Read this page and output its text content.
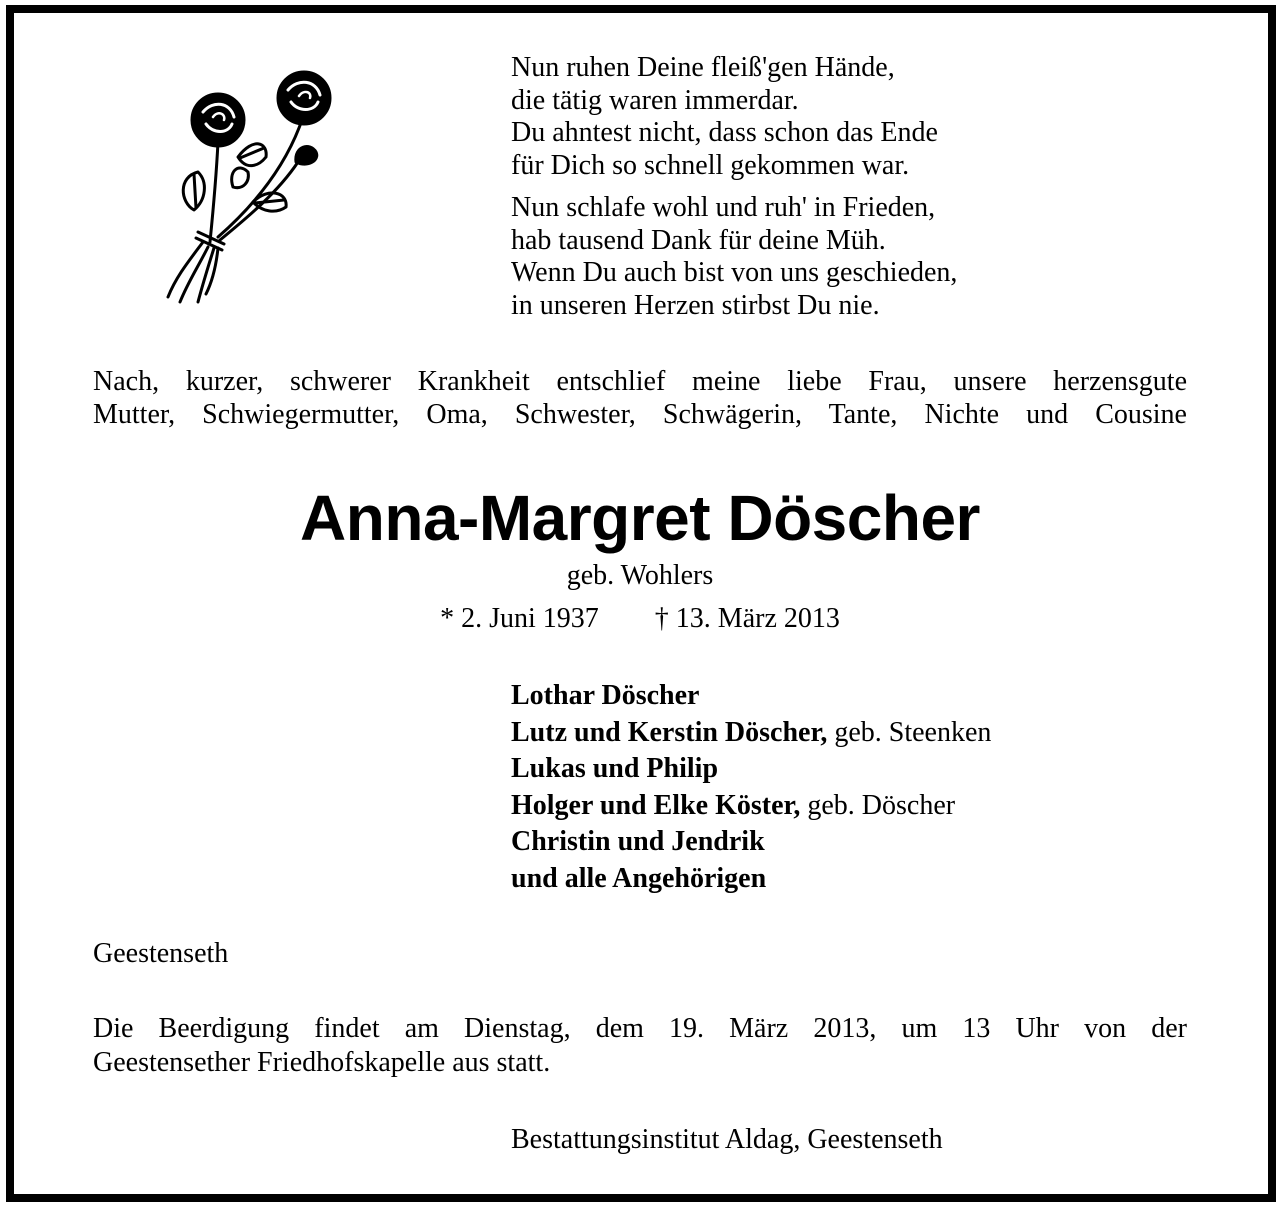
Nun ruhen Deine fleiß'gen Hände,
die tätig waren immerdar.
Du ahntest nicht, dass schon das Ende
für Dich so schnell gekommen war.

Nun schlafe wohl und ruh' in Frieden,
hab tausend Dank für deine Müh.
Wenn Du auch bist von uns geschieden,
in unseren Herzen stirbst Du nie.

Nach, kurzer, schwerer Krankheit entschlief meine liebe Frau, unsere herzensgute
Mutter, Schwiegermutter, Oma, Schwester, Schwägerin, Tante, Nichte und Cousine
Anna-Margret Döscher
geb. Wohlers
* 2. Juni 1937 † 13. März 2013
Lothar Döscher
Lutz und Kerstin Döscher, geb. Steenken
Lukas und Philip
Holger und Elke Köster, geb. Döscher
Christin und Jendrik
und alle Angehörigen
Geestenseth
Die Beerdigung findet am Dienstag, dem 19. März 2013, um 13 Uhr von der
Geestensether Friedhofskapelle aus statt.
Bestattungsinstitut Aldag, Geestenseth
